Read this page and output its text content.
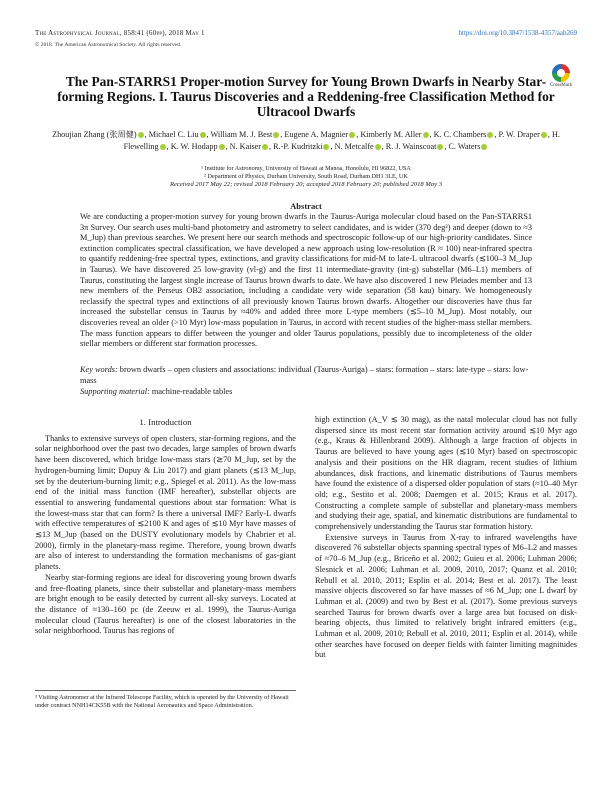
The Astrophysical Journal, 858:41 (60pp), 2018 May 1	https://doi.org/10.3847/1538-4357/aab269
© 2018. The American Astronomical Society. All rights reserved.
CrossMark
The Pan-STARRS1 Proper-motion Survey for Young Brown Dwarfs in Nearby Star-forming Regions. I. Taurus Discoveries and a Reddening-free Classification Method for Ultracool Dwarfs
Zhoujian Zhang (张周健) , Michael C. Liu , William M. J. Best , Eugene A. Magnier , Kimberly M. Aller , K. C. Chambers , P. W. Draper , H. Flewelling , K. W. Hodapp , N. Kaiser , R.-P. Kudritzki , N. Metcalfe , R. J. Wainscoat , C. Waters
¹ Institute for Astronomy, University of Hawaii at Manoa, Honolulu, HI 96822, USA
² Department of Physics, Durham University, South Road, Durham DH1 3LE, UK
Received 2017 May 22; revised 2018 February 20; accepted 2018 February 20; published 2018 May 3
Abstract
We are conducting a proper-motion survey for young brown dwarfs in the Taurus-Auriga molecular cloud based on the Pan-STARRS1 3π Survey. Our search uses multi-band photometry and astrometry to select candidates, and is wider (370 deg²) and deeper (down to ≈3 M_Jup) than previous searches. We present here our search methods and spectroscopic follow-up of our high-priority candidates. Since extinction complicates spectral classification, we have developed a new approach using low-resolution (R ≈ 100) near-infrared spectra to quantify reddening-free spectral types, extinctions, and gravity classifications for mid-M to late-L ultracool dwarfs (≲100–3 M_Jup in Taurus). We have discovered 25 low-gravity (vl-g) and the first 11 intermediate-gravity (int-g) substellar (M6–L1) members of Taurus, constituting the largest single increase of Taurus brown dwarfs to date. We have also discovered 1 new Pleiades member and 13 new members of the Perseus OB2 association, including a candidate very wide separation (58 kau) binary. We homogeneously reclassify the spectral types and extinctions of all previously known Taurus brown dwarfs. Altogether our discoveries have thus far increased the substellar census in Taurus by ≈40% and added three more L-type members (≲5–10 M_Jup). Most notably, our discoveries reveal an older (>10 Myr) low-mass population in Taurus, in accord with recent studies of the higher-mass stellar members. The mass function appears to differ between the younger and older Taurus populations, possibly due to incompleteness of the older stellar members or different star formation processes.
Key words: brown dwarfs – open clusters and associations: individual (Taurus-Auriga) – stars: formation – stars: late-type – stars: low-mass
Supporting material: machine-readable tables
1. Introduction

Thanks to extensive surveys of open clusters, star-forming regions, and the solar neighborhood over the past two decades, large samples of brown dwarfs have been discovered, which bridge low-mass stars (≳70 M_Jup, set by the hydrogen-burning limit; Dupuy & Liu 2017) and giant planets (≲13 M_Jup, set by the deuterium-burning limit; e.g., Spiegel et al. 2011). As the low-mass end of the initial mass function (IMF hereafter), substellar objects are essential to answering fundamental questions about star formation: What is the lowest-mass star that can form? Is there a universal IMF? Early-L dwarfs with effective temperatures of ≲2100 K and ages of ≲10 Myr have masses of ≲13 M_Jup (based on the DUSTY evolutionary models by Chabrier et al. 2000), firmly in the planetary-mass regime. Therefore, young brown dwarfs are also of interest to understanding the formation mechanisms of gas-giant planets.

Nearby star-forming regions are ideal for discovering young brown dwarfs and free-floating planets, since their substellar and planetary-mass members are bright enough to be easily detected by current all-sky surveys. Located at the distance of ≈130–160 pc (de Zeeuw et al. 1999), the Taurus-Auriga molecular cloud (Taurus hereafter) is one of the closest laboratories in the solar neighborhood. Taurus has regions of

high extinction (A_V ≲ 30 mag), as the natal molecular cloud has not fully dispersed since its most recent star formation activity around ≲10 Myr ago (e.g., Kraus & Hillenbrand 2009). Although a large fraction of objects in Taurus are believed to have young ages (≲10 Myr) based on spectroscopic analysis and their positions on the HR diagram, recent studies of lithium abundances, disk fractions, and kinematic distributions of Taurus members have found the existence of a dispersed older population of stars (≈10–40 Myr old; e.g., Sestito et al. 2008; Daemgen et al. 2015; Kraus et al. 2017). Constructing a complete sample of substellar and planetary-mass members and studying their age, spatial, and kinematic distributions are fundamental to comprehensively understanding the Taurus star formation history.

Extensive surveys in Taurus from X-ray to infrared wavelengths have discovered 76 substellar objects spanning spectral types of M6–L2 and masses of ≈70–6 M_Jup (e.g., Briceño et al. 2002; Guieu et al. 2006; Luhman 2006; Slesnick et al. 2006; Luhman et al. 2009, 2010, 2017; Quanz et al. 2010; Rebull et al. 2010, 2011; Esplin et al. 2014; Best et al. 2017). The least massive objects discovered so far have masses of ≈6 M_Jup; one L dwarf by Luhman et al. (2009) and two by Best et al. (2017). Some previous surveys searched Taurus for brown dwarfs over a large area but focused on disk-bearing objects, thus limited to relatively bright infrared emitters (e.g., Luhman et al. 2009, 2010; Rebull et al. 2010, 2011; Esplin et al. 2014), while other searches have focused on deeper fields with fainter limiting magnitudes but

³ Visiting Astronomer at the Infrared Telescope Facility, which is operated by the University of Hawaii under contract NNH14CK55B with the National Aeronautics and Space Administration.
